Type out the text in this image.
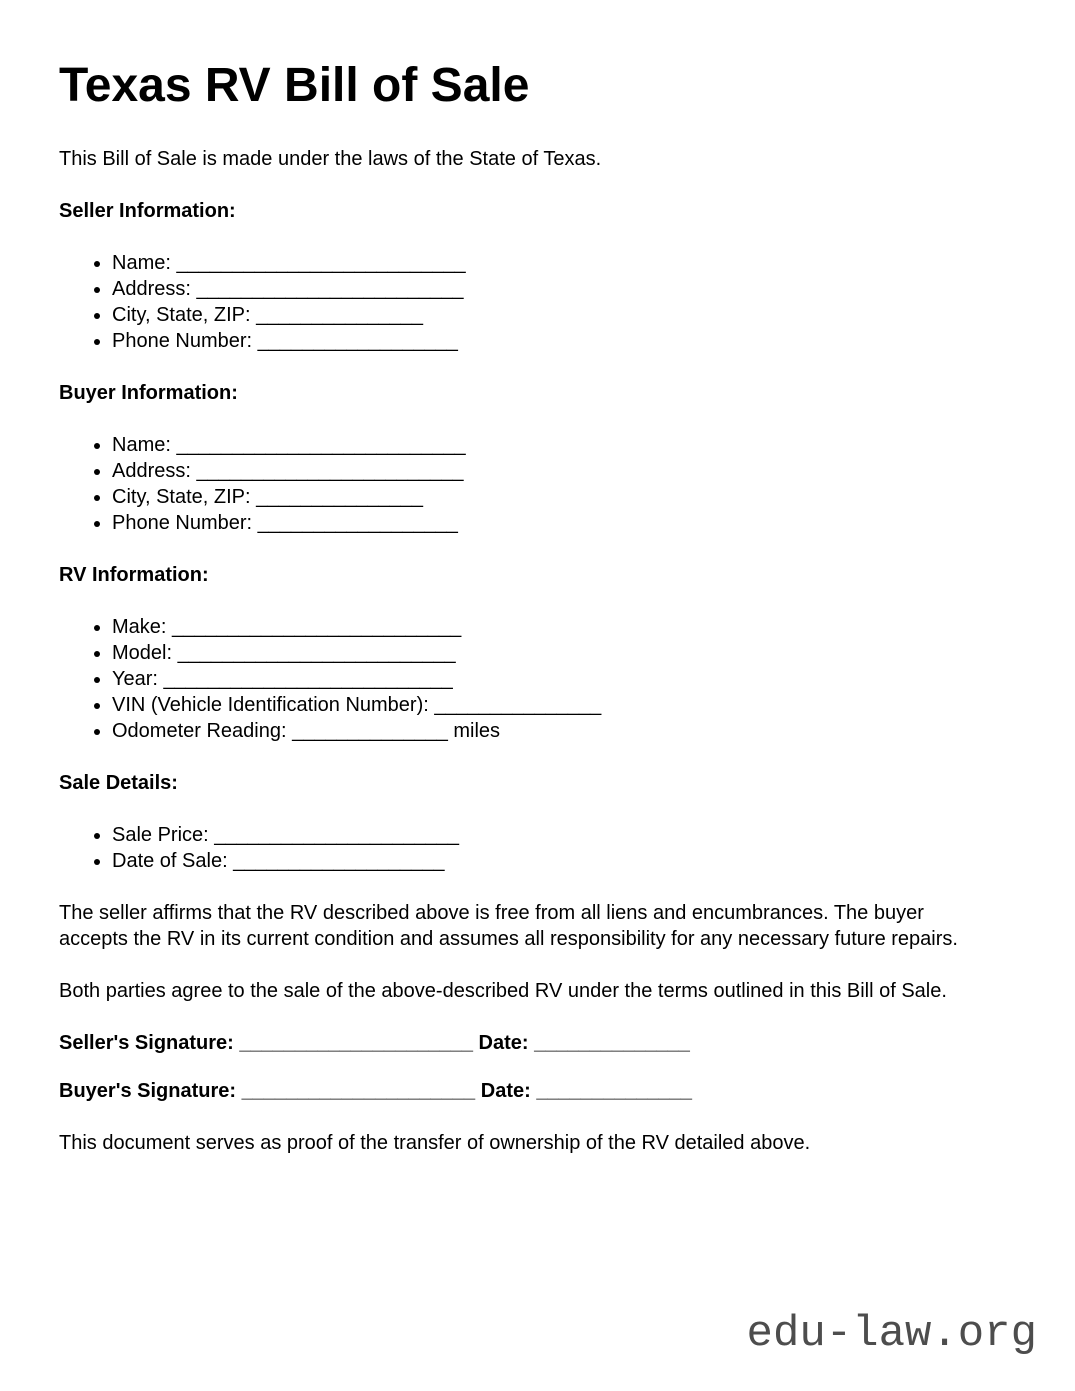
Texas RV Bill of Sale

This Bill of Sale is made under the laws of the State of Texas.

Seller Information:

• Name: __________________________
• Address: ________________________
• City, State, ZIP: _______________
• Phone Number: __________________

Buyer Information:

• Name: __________________________
• Address: ________________________
• City, State, ZIP: _______________
• Phone Number: __________________

RV Information:

• Make: __________________________
• Model: _________________________
• Year: __________________________
• VIN (Vehicle Identification Number): _______________
• Odometer Reading: ______________ miles

Sale Details:

• Sale Price: ______________________
• Date of Sale: ___________________

The seller affirms that the RV described above is free from all liens and encumbrances. The buyer accepts the RV in its current condition and assumes all responsibility for any necessary future repairs.

Both parties agree to the sale of the above-described RV under the terms outlined in this Bill of Sale.

Seller's Signature: _____________________ Date: ______________

Buyer's Signature: _____________________ Date: ______________

This document serves as proof of the transfer of ownership of the RV detailed above.

edu-law.org
